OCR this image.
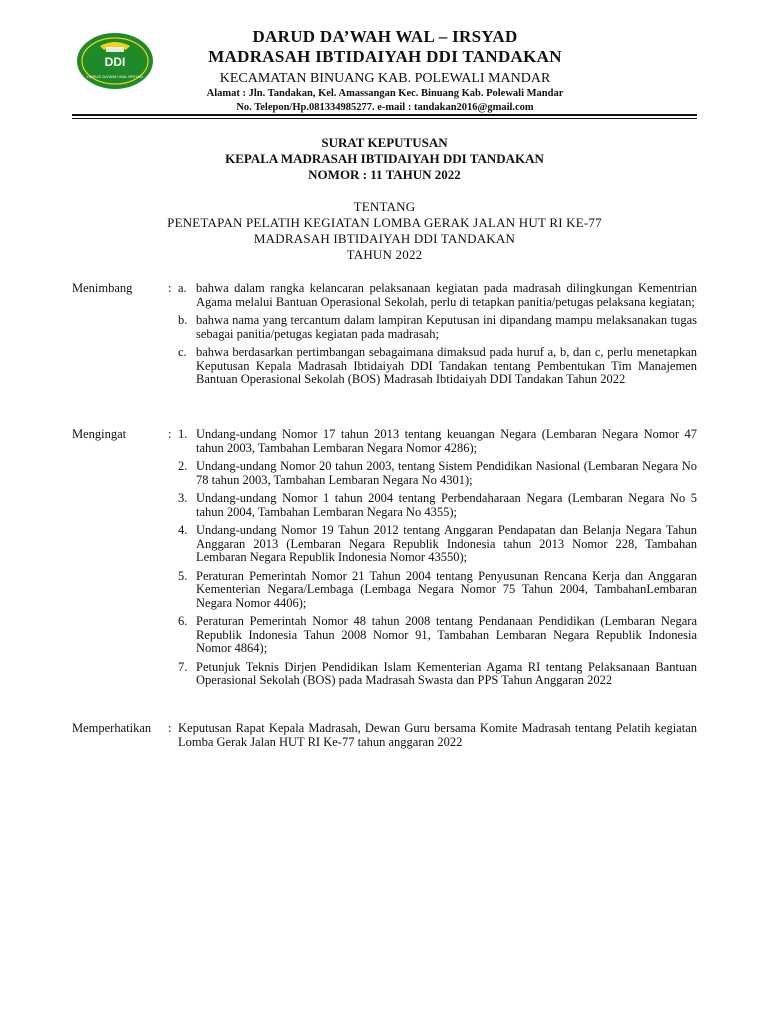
DDI
DARUD DA'WAH WAL IRSYAD
DARUD DA’WAH WAL – IRSYAD
MADRASAH IBTIDAIYAH DDI TANDAKAN
KECAMATAN BINUANG KAB. POLEWALI MANDAR
Alamat : Jln. Tandakan, Kel. Amassangan Kec. Binuang Kab. Polewali Mandar
No. Telepon/Hp.081334985277. e-mail : tandakan2016@gmail.com
SURAT KEPUTUSAN
KEPALA MADRASAH IBTIDAIYAH DDI TANDAKAN
NOMOR : 11 TAHUN 2022
TENTANG
PENETAPAN PELATIH KEGIATAN LOMBA GERAK JALAN HUT RI KE-77
MADRASAH IBTIDAIYAH DDI TANDAKAN
TAHUN 2022
Menimbang	: a. bahwa dalam rangka kelancaran pelaksanaan kegiatan pada madrasah dilingkungan Kementrian Agama melalui Bantuan Operasional Sekolah, perlu di tetapkan panitia/petugas pelaksana kegiatan;
b. bahwa nama yang tercantum dalam lampiran Keputusan ini dipandang mampu melaksanakan tugas sebagai panitia/petugas kegiatan pada madrasah;
c. bahwa berdasarkan pertimbangan sebagaimana dimaksud pada huruf a, b, dan c, perlu menetapkan Keputusan Kepala Madrasah Ibtidaiyah DDI Tandakan tentang Pembentukan Tim Manajemen Bantuan Operasional Sekolah (BOS) Madrasah Ibtidaiyah DDI Tandakan Tahun 2022
Mengingat	: 1. Undang-undang Nomor 17 tahun 2013 tentang keuangan Negara (Lembaran Negara Nomor 47 tahun 2003, Tambahan Lembaran Negara Nomor 4286);
2. Undang-undang Nomor 20 tahun 2003, tentang Sistem Pendidikan Nasional (Lembaran Negara No 78 tahun 2003, Tambahan Lembaran Negara No 4301);
3. Undang-undang Nomor 1 tahun 2004 tentang Perbendaharaan Negara (Lembaran Negara No 5 tahun 2004, Tambahan Lembaran Negara No 4355);
4. Undang-undang Nomor 19 Tahun 2012 tentang Anggaran Pendapatan dan Belanja Negara Tahun Anggaran 2013 (Lembaran Negara Republik Indonesia tahun 2013 Nomor 228, Tambahan Lembaran Negara Republik Indonesia Nomor 43550);
5. Peraturan Pemerintah Nomor 21 Tahun 2004 tentang Penyusunan Rencana Kerja dan Anggaran Kementerian Negara/Lembaga (Lembaga Negara Nomor 75 Tahun 2004, TambahanLembaran Negara Nomor 4406);
6. Peraturan Pemerintah Nomor 48 tahun 2008 tentang Pendanaan Pendidikan (Lembaran Negara Republik Indonesia Tahun 2008 Nomor 91, Tambahan Lembaran Negara Republik Indonesia Nomor 4864);
7. Petunjuk Teknis Dirjen Pendidikan Islam Kementerian Agama RI tentang Pelaksanaan Bantuan Operasional Sekolah (BOS) pada Madrasah Swasta dan PPS Tahun Anggaran 2022
Memperhatikan	: Keputusan Rapat Kepala Madrasah, Dewan Guru bersama Komite Madrasah tentang Pelatih kegiatan Lomba Gerak Jalan HUT RI Ke-77 tahun anggaran 2022
